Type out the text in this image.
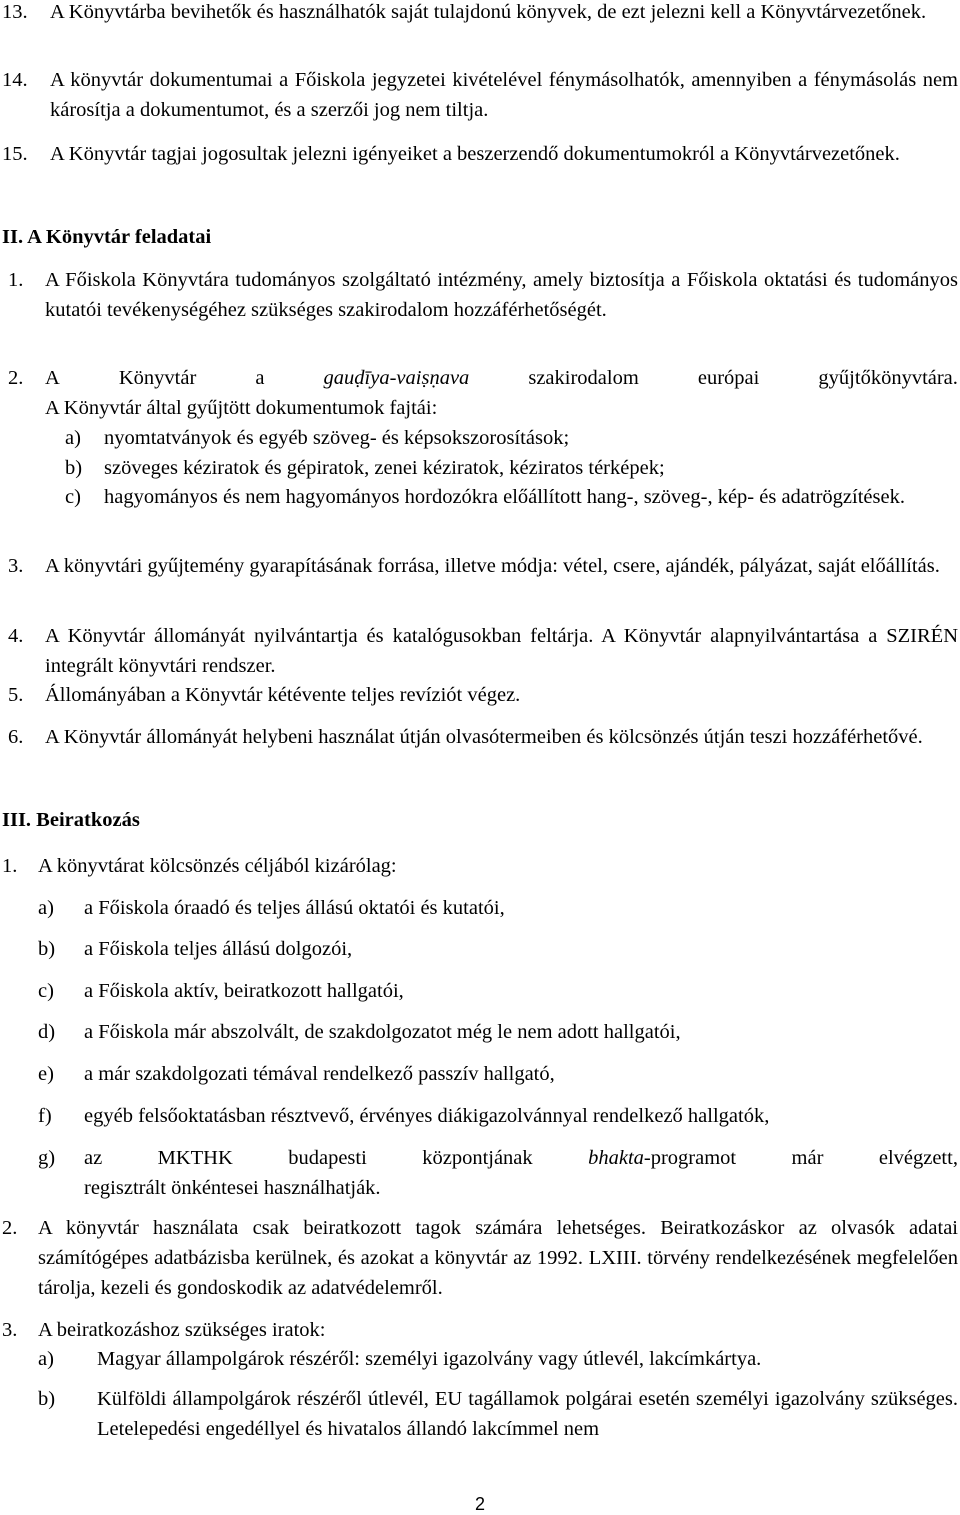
13. A Könyvtárba bevihetők és használhatók saját tulajdonú könyvek, de ezt jelezni kell a Könyvtárvezetőnek.
14. A könyvtár dokumentumai a Főiskola jegyzetei kivételével fénymásolhatók, amennyiben a fénymásolás nem károsítja a dokumentumot, és a szerzői jog nem tiltja.
15. A Könyvtár tagjai jogosultak jelezni igényeiket a beszerzendő dokumentumokról a Könyvtárvezetőnek.
II. A Könyvtár feladatai
1. A Főiskola Könyvtára tudományos szolgáltató intézmény, amely biztosítja a Főiskola oktatási és tudományos kutatói tevékenységéhez szükséges szakirodalom hozzáférhetőségét.
2. A	Könyvtár	a	gauḍīya-vaiṣṇava	szakirodalom	európai	gyűjtőkönyvtára.
A Könyvtár által gyűjtött dokumentumok fajtái:
a) nyomtatványok és egyéb szöveg- és képsokszorosítások;
b) szöveges kéziratok és gépiratok, zenei kéziratok, kéziratos térképek;
c) hagyományos és nem hagyományos hordozókra előállított hang-, szöveg-, kép- és adatrögzítések.
3. A könyvtári gyűjtemény gyarapításának forrása, illetve módja: vétel, csere, ajándék, pályázat, saját előállítás.
4. A Könyvtár állományát nyilvántartja és katalógusokban feltárja. A Könyvtár alapnyilvántartása a SZIRÉN integrált könyvtári rendszer.
5. Állományában a Könyvtár kétévente teljes revíziót végez.
6. A Könyvtár állományát helybeni használat útján olvasótermeiben és kölcsönzés útján teszi hozzáférhetővé.
III. Beiratkozás
1. A könyvtárat kölcsönzés céljából kizárólag:
a) a Főiskola óraadó és teljes állású oktatói és kutatói,
b) a Főiskola teljes állású dolgozói,
c) a Főiskola aktív, beiratkozott hallgatói,
d) a Főiskola már abszolvált, de szakdolgozatot még le nem adott hallgatói,
e) a már szakdolgozati témával rendelkező passzív hallgató,
f) egyéb felsőoktatásban résztvevő, érvényes diákigazolvánnyal rendelkező hallgatók,
g) az	MKTHK	budapesti	központjának	bhakta-programot	már	elvégzett,
regisztrált önkéntesei használhatják.
2. A könyvtár használata csak beiratkozott tagok számára lehetséges. Beiratkozáskor az olvasók adatai számítógépes adatbázisba kerülnek, és azokat a könyvtár az 1992. LXIII. törvény rendelkezésének megfelelően tárolja, kezeli és gondoskodik az adatvédelemről.
3. A beiratkozáshoz szükséges iratok:
a) Magyar állampolgárok részéről: személyi igazolvány vagy útlevél, lakcímkártya.
b) Külföldi állampolgárok részéről útlevél, EU tagállamok polgárai esetén személyi igazolvány szükséges. Letelepedési engedéllyel és hivatalos állandó lakcímmel nem
2
